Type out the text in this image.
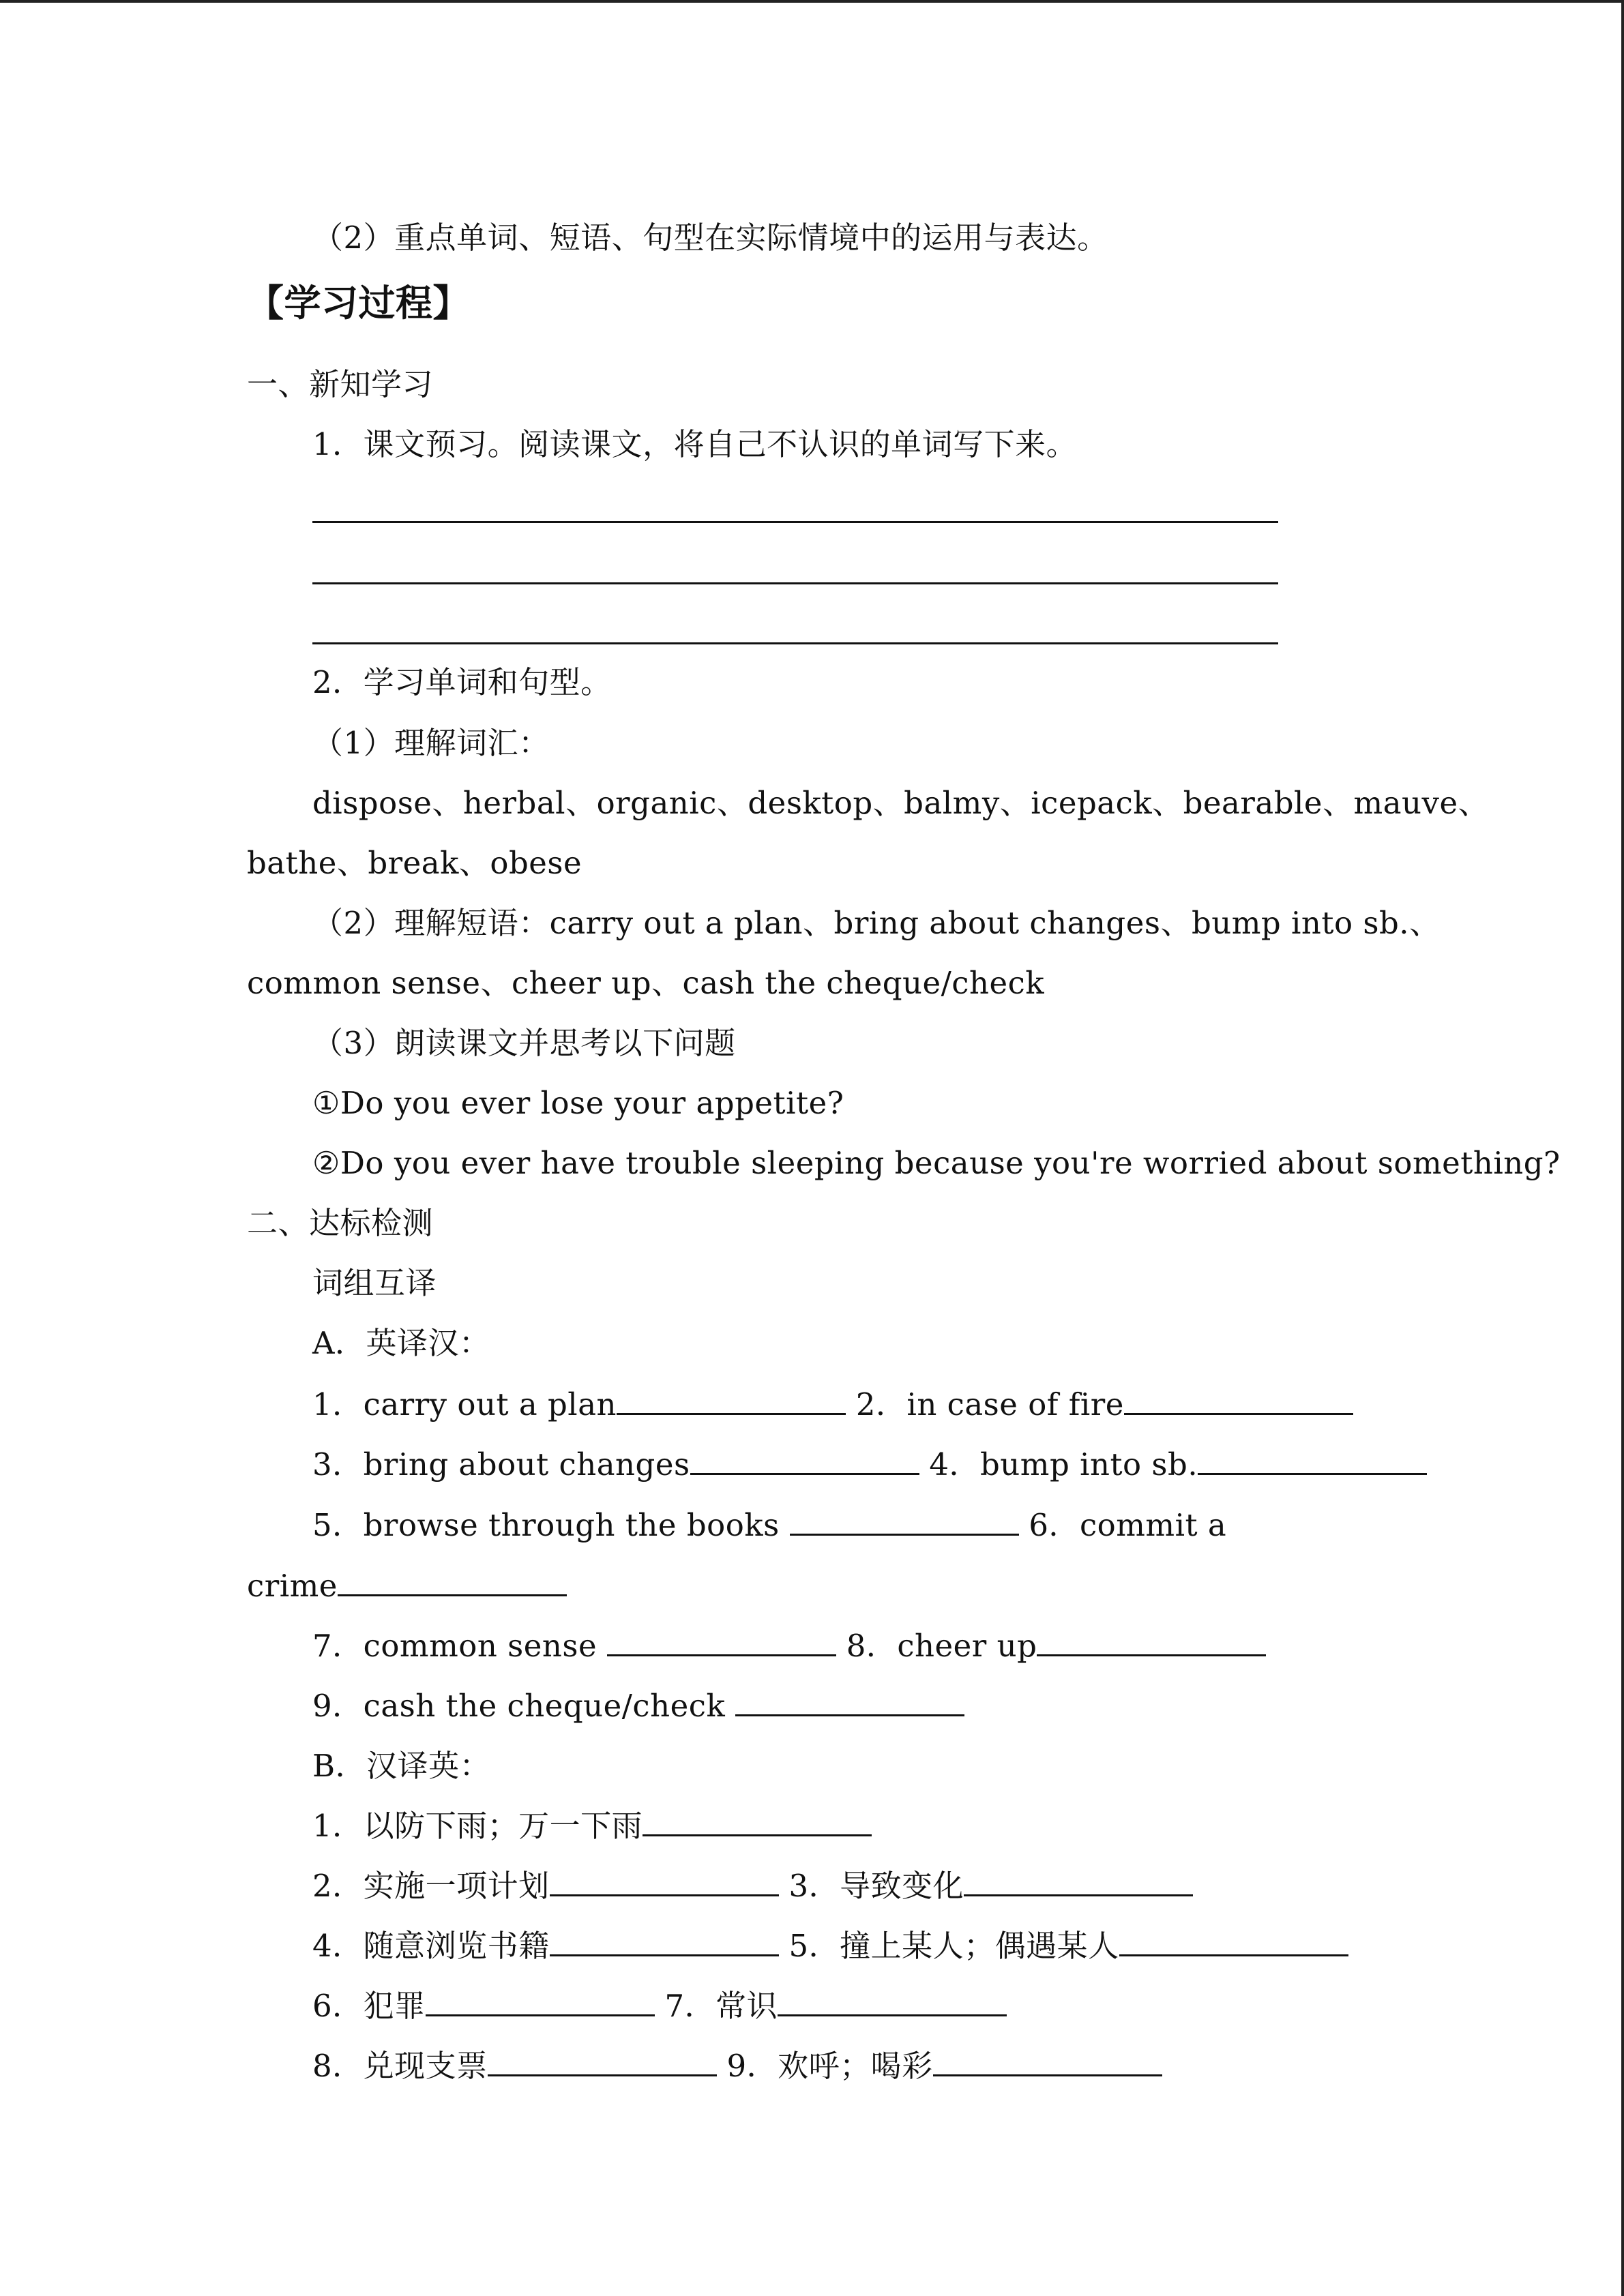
（2）重点单词、短语、句型在实际情境中的运用与表达。
【学习过程】
一、新知学习
1．课文预习。阅读课文，将自己不认识的单词写下来。
2．学习单词和句型。
（1）理解词汇：
dispose、herbal、organic、desktop、balmy、icepack、bearable、mauve、
bathe、break、obese
（2）理解短语：carry out a plan、bring about changes、bump into sb.、
common sense、cheer up、cash the cheque/check
（3）朗读课文并思考以下问题
①Do you ever lose your appetite?
②Do you ever have trouble sleeping because you're worried about something?
二、达标检测
词组互译
A．英译汉：
1．carry out a plan	2．in case of fire
3．bring about changes	4．bump into sb.
5．browse through the books	6．commit a
crime
7．common sense	8．cheer up
9．cash the cheque/check
B．汉译英：
1．以防下雨；万一下雨
2．实施一项计划	3．导致变化
4．随意浏览书籍	5．撞上某人；偶遇某人
6．犯罪	7．常识
8．兑现支票	9．欢呼；喝彩
